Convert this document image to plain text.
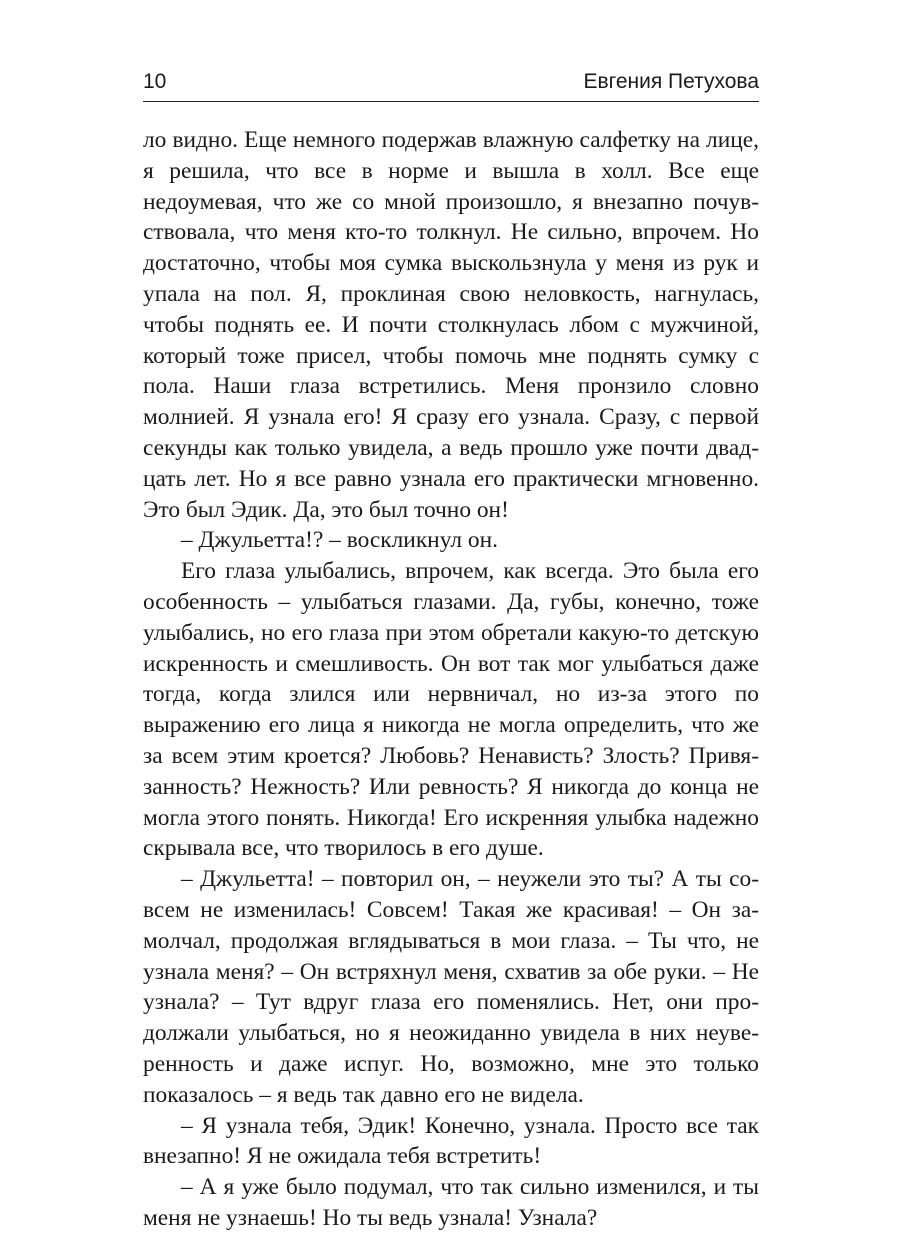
10	Евгения Петухова

ло видно. Еще немного подержав влажную салфетку на лице, я решила, что все в норме и вышла в холл. Все еще недоумевая, что же со мной произошло, я внезапно почувствовала, что меня кто-то толкнул. Не сильно, впрочем. Но достаточно, чтобы моя сумка выскользнула у меня из рук и упала на пол. Я, проклиная свою неловкость, нагнулась, чтобы поднять ее. И почти столкнулась лбом с мужчиной, который тоже присел, чтобы помочь мне поднять сумку с пола. Наши глаза встретились. Меня пронзило словно молнией. Я узнала его! Я сразу его узнала. Сразу, с первой секунды как только увидела, а ведь прошло уже почти двадцать лет. Но я все равно узнала его практически мгновенно. Это был Эдик. Да, это был точно он!

– Джульетта!? – воскликнул он.

Его глаза улыбались, впрочем, как всегда. Это была его особенность – улыбаться глазами. Да, губы, конечно, тоже улыбались, но его глаза при этом обретали какую-то детскую искренность и смешливость. Он вот так мог улыбаться даже тогда, когда злился или нервничал, но из-за этого по выражению его лица я никогда не могла определить, что же за всем этим кроется? Любовь? Ненависть? Злость? Привязанность? Нежность? Или ревность? Я никогда до конца не могла этого понять. Никогда! Его искренняя улыбка надежно скрывала все, что творилось в его душе.

– Джульетта! – повторил он, – неужели это ты? А ты совсем не изменилась! Совсем! Такая же красивая! – Он замолчал, продолжая вглядываться в мои глаза. – Ты что, не узнала меня? – Он встряхнул меня, схватив за обе руки. – Не узнала? – Тут вдруг глаза его поменялись. Нет, они продолжали улыбаться, но я неожиданно увидела в них неуверенность и даже испуг. Но, возможно, мне это только показалось – я ведь так давно его не видела.

– Я узнала тебя, Эдик! Конечно, узнала. Просто все так внезапно! Я не ожидала тебя встретить!

– А я уже было подумал, что так сильно изменился, и ты меня не узнаешь! Но ты ведь узнала! Узнала?
